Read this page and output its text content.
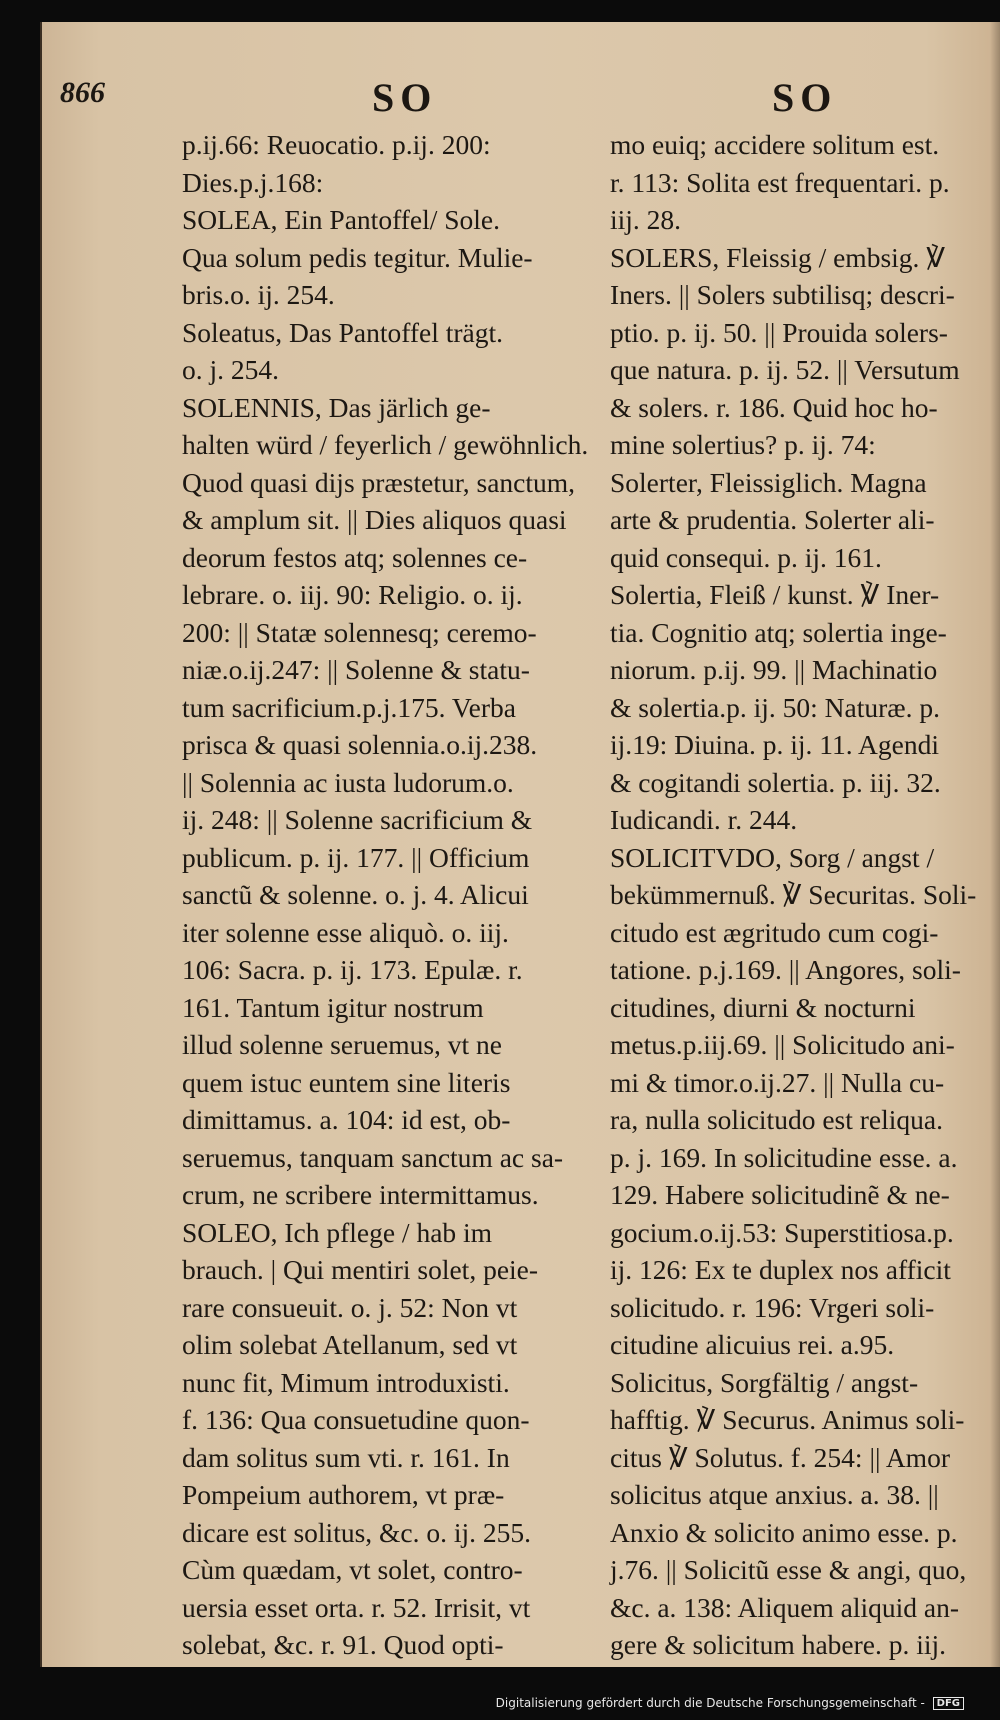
866	SO	SO

p.ij.66: Reuocatio. p.ij. 200:

Dies.p.j.168:

SOLEA, Ein Pantoffel/ Sole.

Qua solum pedis tegitur. Mulie-

bris.o. ij. 254.

Soleatus, Das Pantoffel trägt.

o. j. 254.

SOLENNIS, Das järlich ge-

halten würd / feyerlich / gewöhnlich.

Quod quasi dijs præstetur, sanctum,

& amplum sit. || Dies aliquos quasi

deorum festos atq; solennes ce-

lebrare. o. iij. 90: Religio. o. ij.

200: || Statæ solennesq; ceremo-

niæ.o.ij.247: || Solenne & statu-

tum sacrificium.p.j.175. Verba

prisca & quasi solennia.o.ij.238.

|| Solennia ac iusta ludorum.o.

ij. 248: || Solenne sacrificium &

publicum. p. ij. 177. || Officium

sanctũ & solenne. o. j. 4. Alicui

iter solenne esse aliquò. o. iij.

106: Sacra. p. ij. 173. Epulæ. r.

161. Tantum igitur nostrum

illud solenne seruemus, vt ne

quem istuc euntem sine literis

dimittamus. a. 104: id est, ob-

seruemus, tanquam sanctum ac sa-

crum, ne scribere intermittamus.

SOLEO, Ich pflege / hab im

brauch. | Qui mentiri solet, peie-

rare consueuit. o. j. 52: Non vt

olim solebat Atellanum, sed vt

nunc fit, Mimum introduxisti.

f. 136: Qua consuetudine quon-

dam solitus sum vti. r. 161. In

Pompeium authorem, vt præ-

dicare est solitus, &c. o. ij. 255.

Cùm quædam, vt solet, contro-

uersia esset orta. r. 52. Irrisit, vt

solebat, &c. r. 91. Quod opti-

mo euiq; accidere solitum est.

r. 113: Solita est frequentari. p.

iij. 28.

SOLERS, Fleissig / embsig. ℣

Iners. || Solers subtilisq; descri-

ptio. p. ij. 50. || Prouida solers-

que natura. p. ij. 52. || Versutum

& solers. r. 186. Quid hoc ho-

mine solertius? p. ij. 74:

Solerter, Fleissiglich. Magna

arte & prudentia. Solerter ali-

quid consequi. p. ij. 161.

Solertia, Fleiß / kunst. ℣ Iner-

tia. Cognitio atq; solertia inge-

niorum. p.ij. 99. || Machinatio

& solertia.p. ij. 50: Naturæ. p.

ij.19: Diuina. p. ij. 11. Agendi

& cogitandi solertia. p. iij. 32.

Iudicandi. r. 244.

SOLICITVDO, Sorg / angst /

bekümmernuß. ℣ Securitas. Soli-

citudo est ægritudo cum cogi-

tatione. p.j.169. || Angores, soli-

citudines, diurni & nocturni

metus.p.iij.69. || Solicitudo ani-

mi & timor.o.ij.27. || Nulla cu-

ra, nulla solicitudo est reliqua.

p. j. 169. In solicitudine esse. a.

129. Habere solicitudinẽ & ne-

gocium.o.ij.53: Superstitiosa.p.

ij. 126: Ex te duplex nos afficit

solicitudo. r. 196: Vrgeri soli-

citudine alicuius rei. a.95.

Solicitus, Sorgfältig / angst-

hafftig. ℣ Securus. Animus soli-

citus ℣ Solutus. f. 254: || Amor

solicitus atque anxius. a. 38. ||

Anxio & solicito animo esse. p.

j.76. || Solicitũ esse & angi, quo,

&c. a. 138: Aliquem aliquid an-

gere & solicitum habere. p. iij.

Digitalisierung gefördert durch die Deutsche Forschungsgemeinschaft - DFG
